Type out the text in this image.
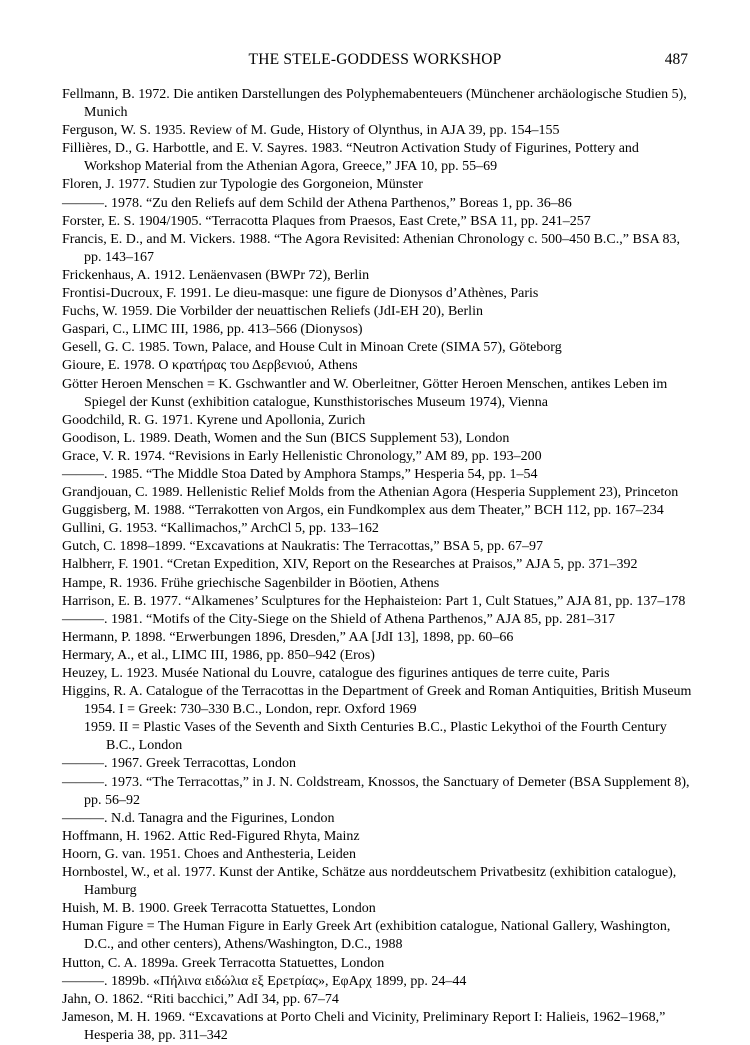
THE STELE-GODDESS WORKSHOP	487

Fellmann, B. 1972. Die antiken Darstellungen des Polyphemabenteuers (Münchener archäologische Studien 5), Munich

Ferguson, W. S. 1935. Review of M. Gude, History of Olynthus, in AJA 39, pp. 154–155

Fillières, D., G. Harbottle, and E. V. Sayres. 1983. “Neutron Activation Study of Figurines, Pottery and Workshop Material from the Athenian Agora, Greece,” JFA 10, pp. 55–69

Floren, J. 1977. Studien zur Typologie des Gorgoneion, Münster

———. 1978. “Zu den Reliefs auf dem Schild der Athena Parthenos,” Boreas 1, pp. 36–86

Forster, E. S. 1904/1905. “Terracotta Plaques from Praesos, East Crete,” BSA 11, pp. 241–257

Francis, E. D., and M. Vickers. 1988. “The Agora Revisited: Athenian Chronology c. 500–450 B.C.,” BSA 83, pp. 143–167

Frickenhaus, A. 1912. Lenäenvasen (BWPr 72), Berlin

Frontisi-Ducroux, F. 1991. Le dieu-masque: une figure de Dionysos d’Athènes, Paris

Fuchs, W. 1959. Die Vorbilder der neuattischen Reliefs (JdI-EH 20), Berlin

Gaspari, C., LIMC III, 1986, pp. 413–566 (Dionysos)

Gesell, G. C. 1985. Town, Palace, and House Cult in Minoan Crete (SIMA 57), Göteborg

Gioure, E. 1978. Ο κρατήρας του Δερβενιού, Athens

Götter Heroen Menschen = K. Gschwantler and W. Oberleitner, Götter Heroen Menschen, antikes Leben im Spiegel der Kunst (exhibition catalogue, Kunsthistorisches Museum 1974), Vienna

Goodchild, R. G. 1971. Kyrene und Apollonia, Zurich

Goodison, L. 1989. Death, Women and the Sun (BICS Supplement 53), London

Grace, V. R. 1974. “Revisions in Early Hellenistic Chronology,” AM 89, pp. 193–200

———. 1985. “The Middle Stoa Dated by Amphora Stamps,” Hesperia 54, pp. 1–54

Grandjouan, C. 1989. Hellenistic Relief Molds from the Athenian Agora (Hesperia Supplement 23), Princeton

Guggisberg, M. 1988. “Terrakotten von Argos, ein Fundkomplex aus dem Theater,” BCH 112, pp. 167–234

Gullini, G. 1953. “Kallimachos,” ArchCl 5, pp. 133–162

Gutch, C. 1898–1899. “Excavations at Naukratis: The Terracottas,” BSA 5, pp. 67–97

Halbherr, F. 1901. “Cretan Expedition, XIV, Report on the Researches at Praisos,” AJA 5, pp. 371–392

Hampe, R. 1936. Frühe griechische Sagenbilder in Böotien, Athens

Harrison, E. B. 1977. “Alkamenes’ Sculptures for the Hephaisteion: Part 1, Cult Statues,” AJA 81, pp. 137–178

———. 1981. “Motifs of the City-Siege on the Shield of Athena Parthenos,” AJA 85, pp. 281–317

Hermann, P. 1898. “Erwerbungen 1896, Dresden,” AA [JdI 13], 1898, pp. 60–66

Hermary, A., et al., LIMC III, 1986, pp. 850–942 (Eros)

Heuzey, L. 1923. Musée National du Louvre, catalogue des figurines antiques de terre cuite, Paris

Higgins, R. A. Catalogue of the Terracottas in the Department of Greek and Roman Antiquities, British Museum

1954. I = Greek: 730–330 B.C., London, repr. Oxford 1969

1959. II = Plastic Vases of the Seventh and Sixth Centuries B.C., Plastic Lekythoi of the Fourth Century B.C., London

———. 1967. Greek Terracottas, London

———. 1973. “The Terracottas,” in J. N. Coldstream, Knossos, the Sanctuary of Demeter (BSA Supplement 8), pp. 56–92

———. N.d. Tanagra and the Figurines, London

Hoffmann, H. 1962. Attic Red-Figured Rhyta, Mainz

Hoorn, G. van. 1951. Choes and Anthesteria, Leiden

Hornbostel, W., et al. 1977. Kunst der Antike, Schätze aus norddeutschem Privatbesitz (exhibition catalogue), Hamburg

Huish, M. B. 1900. Greek Terracotta Statuettes, London

Human Figure = The Human Figure in Early Greek Art (exhibition catalogue, National Gallery, Washington, D.C., and other centers), Athens/Washington, D.C., 1988

Hutton, C. A. 1899a. Greek Terracotta Statuettes, London

———. 1899b. «Πήλινα ειδώλια εξ Ερετρίας», ΕφΑρχ 1899, pp. 24–44

Jahn, O. 1862. “Riti bacchici,” AdI 34, pp. 67–74

Jameson, M. H. 1969. “Excavations at Porto Cheli and Vicinity, Preliminary Report I: Halieis, 1962–1968,” Hesperia 38, pp. 311–342
